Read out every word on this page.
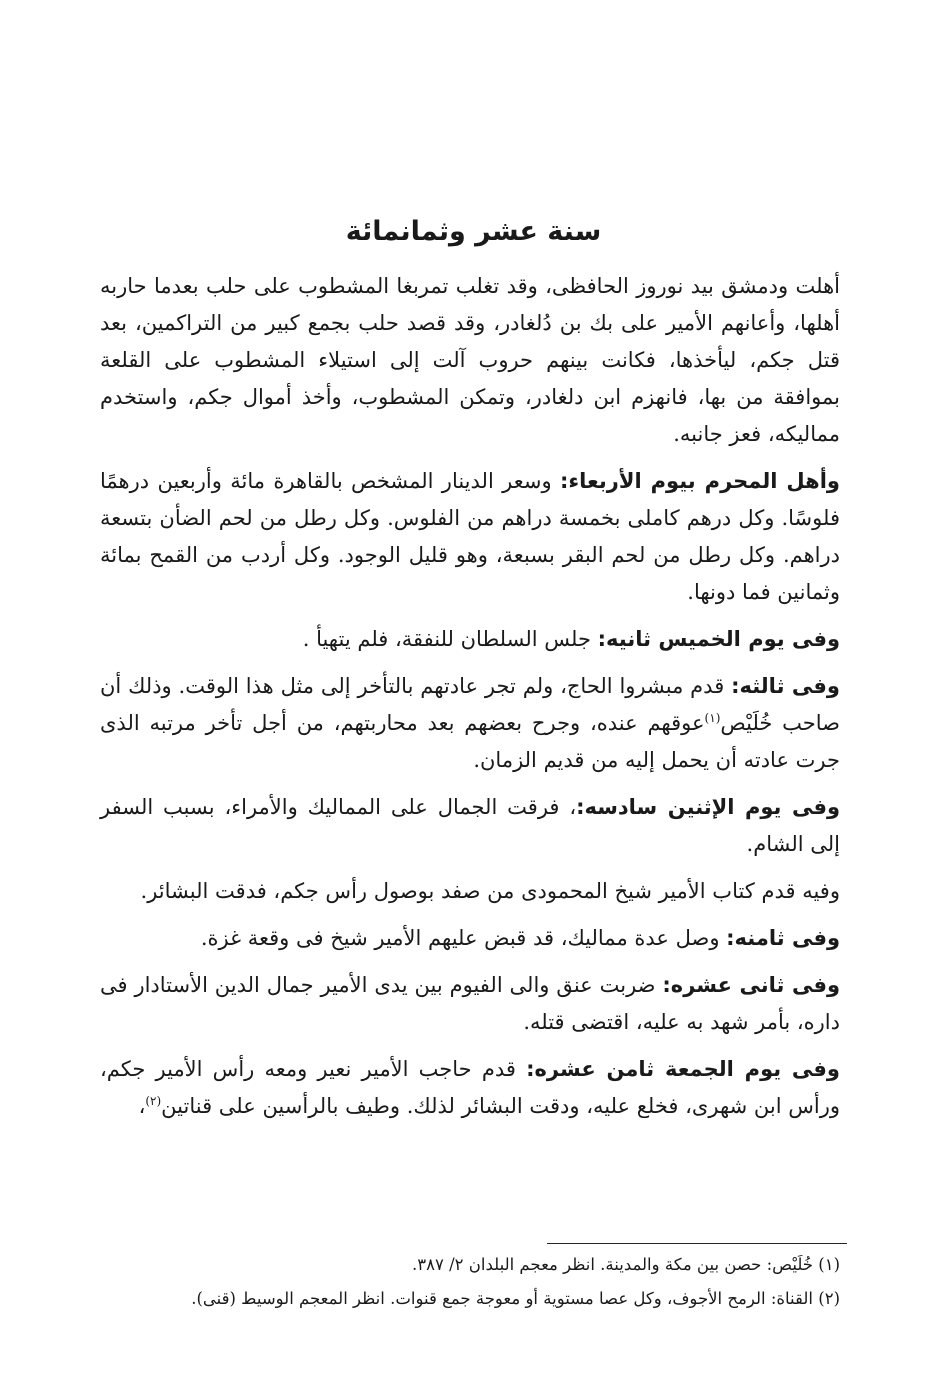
سنة عشر وثمانمائة

أهلت ودمشق بيد نوروز الحافظى، وقد تغلب تمربغا المشطوب على حلب بعدما حاربه أهلها، وأعانهم الأمير على بك بن دُلغادر، وقد قصد حلب بجمع كبير من التراكمين، بعد قتل جكم، ليأخذها، فكانت بينهم حروب آلت إلى استيلاء المشطوب على القلعة بموافقة من بها، فانهزم ابن دلغادر، وتمكن المشطوب، وأخذ أموال جكم، واستخدم مماليكه، فعز جانبه.

وأهل المحرم بيوم الأربعاء: وسعر الدينار المشخص بالقاهرة مائة وأربعين درهمًا فلوسًا. وكل درهم كاملى بخمسة دراهم من الفلوس. وكل رطل من لحم الضأن بتسعة دراهم. وكل رطل من لحم البقر بسبعة، وهو قليل الوجود. وكل أردب من القمح بمائة وثمانين فما دونها.

وفى يوم الخميس ثانيه: جلس السلطان للنفقة، فلم يتهيأ .

وفى ثالثه: قدم مبشروا الحاج، ولم تجر عادتهم بالتأخر إلى مثل هذا الوقت. وذلك أن صاحب خُلَيْص$^{(١)}$عوقهم عنده، وجرح بعضهم بعد محاربتهم، من أجل تأخر مرتبه الذى جرت عادته أن يحمل إليه من قديم الزمان.

وفى يوم الإثنين سادسه:، فرقت الجمال على المماليك والأمراء، بسبب السفر إلى الشام.

وفيه قدم كتاب الأمير شيخ المحمودى من صفد بوصول رأس جكم، فدقت البشائر.

وفى ثامنه: وصل عدة مماليك، قد قبض عليهم الأمير شيخ فى وقعة غزة.

وفى ثانى عشره: ضربت عنق والى الفيوم بين يدى الأمير جمال الدين الأستادار فى داره، بأمر شهد به عليه، اقتضى قتله.

وفى يوم الجمعة ثامن عشره: قدم حاجب الأمير نعير ومعه رأس الأمير جكم، ورأس ابن شهرى، فخلع عليه، ودقت البشائر لذلك. وطيف بالرأسين على قناتين$^{(٢)}$،

(١) خُلَيْص: حصن بين مكة والمدينة. انظر معجم البلدان ٢/ ٣٨٧.

(٢) القناة: الرمح الأجوف، وكل عصا مستوية أو معوجة جمع قنوات. انظر المعجم الوسيط (قنى).
